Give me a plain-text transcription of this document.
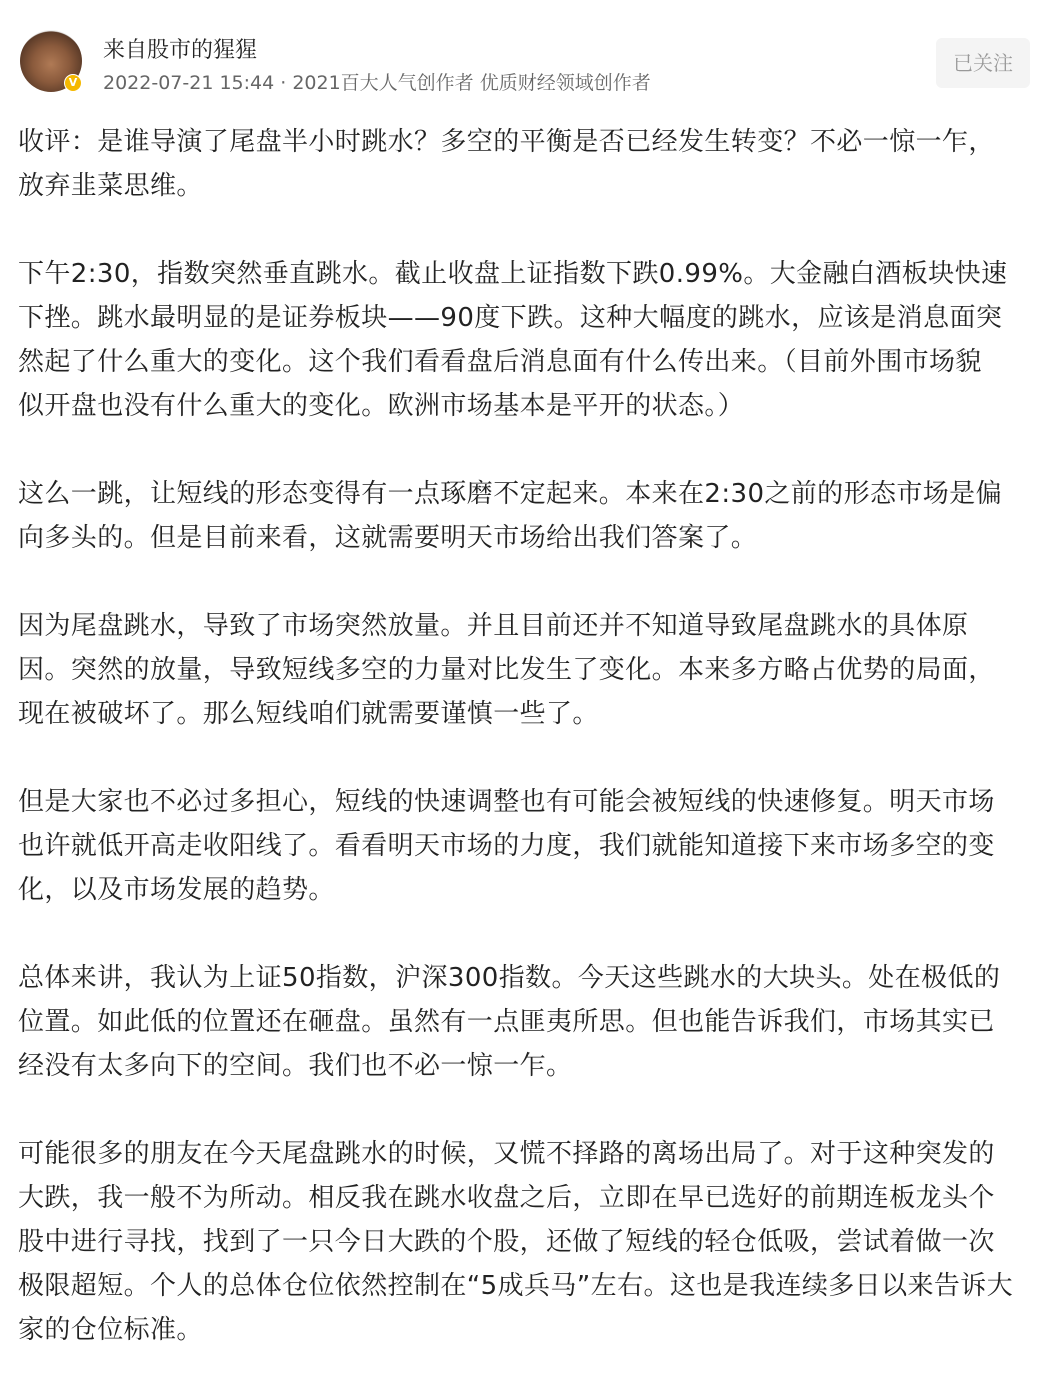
V
来自股市的猩猩
2022-07-21 15:44 · 2021百大人气创作者 优质财经领域创作者
已关注
收评：是谁导演了尾盘半小时跳水？多空的平衡是否已经发生转变？不必一惊一乍，
放弃韭菜思维。
下午2:30，指数突然垂直跳水。截止收盘上证指数下跌0.99%。大金融白酒板块快速
下挫。跳水最明显的是证券板块——90度下跌。这种大幅度的跳水，应该是消息面突
然起了什么重大的变化。这个我们看看盘后消息面有什么传出来。（目前外围市场貌
似开盘也没有什么重大的变化。欧洲市场基本是平开的状态。）
这么一跳，让短线的形态变得有一点琢磨不定起来。本来在2:30之前的形态市场是偏
向多头的。但是目前来看，这就需要明天市场给出我们答案了。
因为尾盘跳水，导致了市场突然放量。并且目前还并不知道导致尾盘跳水的具体原
因。突然的放量，导致短线多空的力量对比发生了变化。本来多方略占优势的局面，
现在被破坏了。那么短线咱们就需要谨慎一些了。
但是大家也不必过多担心，短线的快速调整也有可能会被短线的快速修复。明天市场
也许就低开高走收阳线了。看看明天市场的力度，我们就能知道接下来市场多空的变
化，以及市场发展的趋势。
总体来讲，我认为上证50指数，沪深300指数。今天这些跳水的大块头。处在极低的
位置。如此低的位置还在砸盘。虽然有一点匪夷所思。但也能告诉我们，市场其实已
经没有太多向下的空间。我们也不必一惊一乍。
可能很多的朋友在今天尾盘跳水的时候，又慌不择路的离场出局了。对于这种突发的
大跌，我一般不为所动。相反我在跳水收盘之后，立即在早已选好的前期连板龙头个
股中进行寻找，找到了一只今日大跌的个股，还做了短线的轻仓低吸，尝试着做一次
极限超短。个人的总体仓位依然控制在“5成兵马”左右。这也是我连续多日以来告诉大
家的仓位标准。
